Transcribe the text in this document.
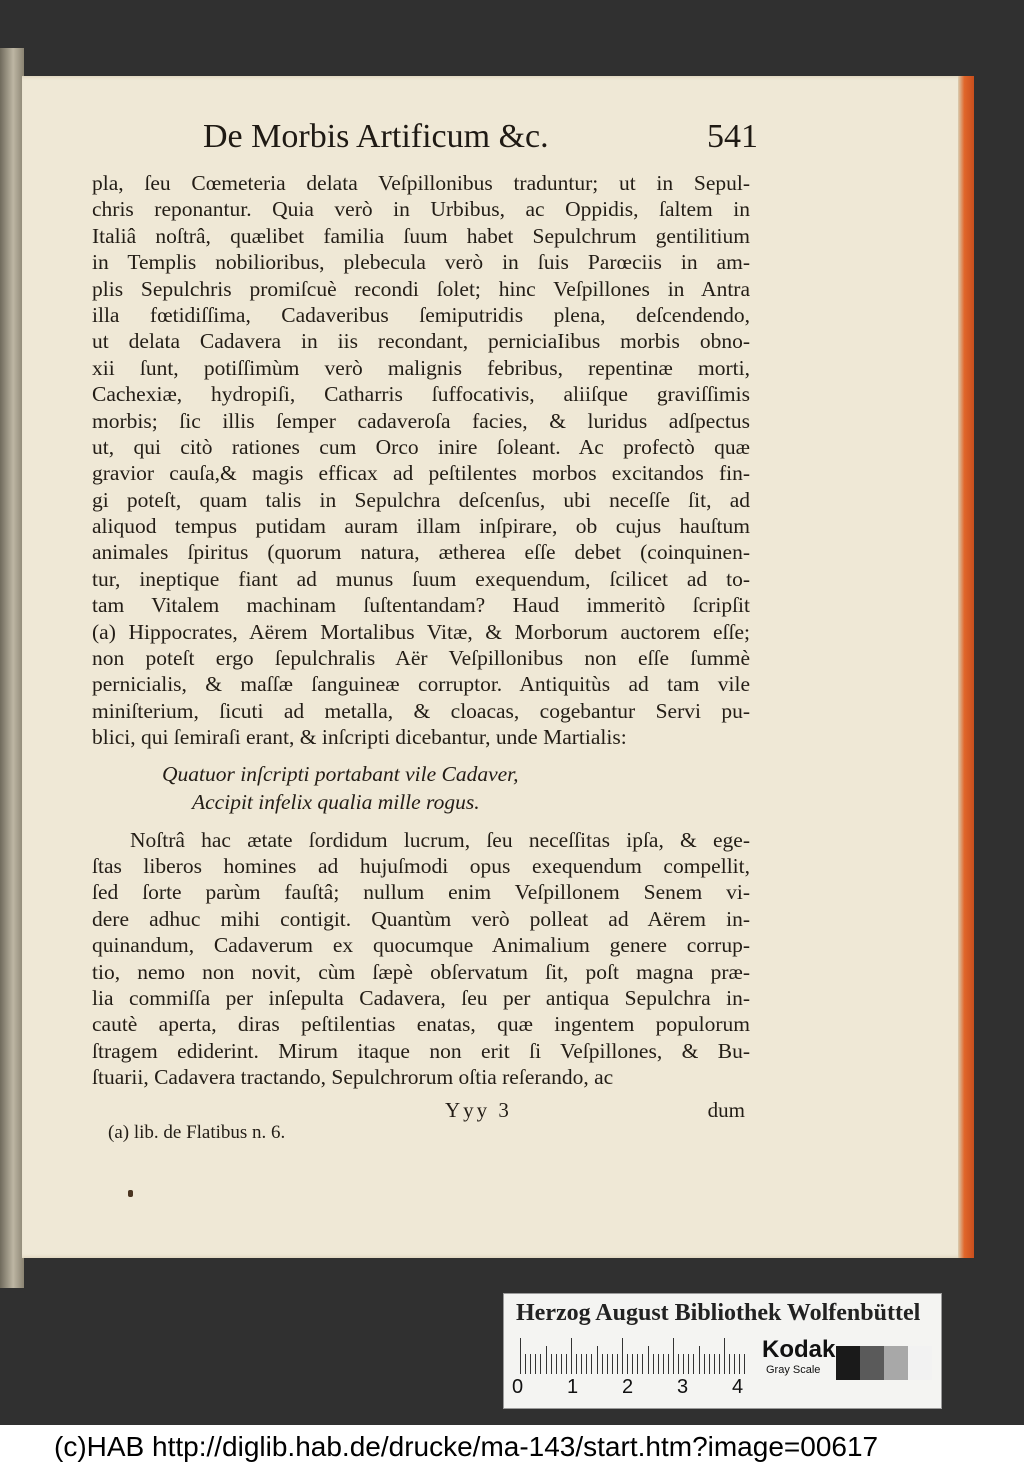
De Morbis Artificum &c.	541
pla, ſeu Cœmeteria delata Veſpillonibus traduntur; ut in Sepul-
chris reponantur. Quia verò in Urbibus, ac Oppidis, ſaltem in
Italiâ noſtrâ, quælibet familia ſuum habet Sepulchrum gentilitium
in Templis nobilioribus, plebecula verò in ſuis Parœciis in am-
plis Sepulchris promiſcuè recondi ſolet; hinc Veſpillones in Antra
illa fœtidiſſima, Cadaveribus ſemiputridis plena, deſcendendo,
ut delata Cadavera in iis recondant, perniciaIibus morbis obno-
xii ſunt, potiſſimùm verò malignis febribus, repentinæ morti,
Cachexiæ, hydropiſi, Catharris ſuffocativis, aliiſque graviſſimis
morbis; ſic illis ſemper cadaveroſa facies, & luridus adſpectus
ut, qui citò rationes cum Orco inire ſoleant. Ac profectò quæ
gravior cauſa,& magis efficax ad peſtilentes morbos excitandos fin-
gi poteſt, quam talis in Sepulchra deſcenſus, ubi neceſſe ſit, ad
aliquod tempus putidam auram illam inſpirare, ob cujus hauſtum
animales ſpiritus (quorum natura, ætherea eſſe debet (coinquinen-
tur, ineptique fiant ad munus ſuum exequendum, ſcilicet ad to-
tam Vitalem machinam ſuſtentandam? Haud immeritò ſcripſit
(a) Hippocrates, Aërem Mortalibus Vitæ, & Morborum auctorem eſſe;
non poteſt ergo ſepulchralis Aër Veſpillonibus non eſſe ſummè
pernicialis, & maſſæ ſanguineæ corruptor. Antiquitùs ad tam vile
miniſterium, ſicuti ad metalla, & cloacas, cogebantur Servi pu-
blici, qui ſemiraſi erant, & inſcripti dicebantur, unde Martialis:
Quatuor inſcripti portabant vile Cadaver,
Accipit infelix qualia mille rogus.
Noſtrâ hac ætate ſordidum lucrum, ſeu neceſſitas ipſa, & ege-
ſtas liberos homines ad hujuſmodi opus exequendum compellit,
ſed ſorte parùm fauſtâ; nullum enim Veſpillonem Senem vi-
dere adhuc mihi contigit. Quantùm verò polleat ad Aërem in-
quinandum, Cadaverum ex quocumque Animalium genere corrup-
tio, nemo non novit, cùm ſæpè obſervatum ſit, poſt magna præ-
lia commiſſa per inſepulta Cadavera, ſeu per antiqua Sepulchra in-
cautè aperta, diras peſtilentias enatas, quæ ingentem populorum
ſtragem ediderint. Mirum itaque non erit ſi Veſpillones, & Bu-
ſtuarii, Cadavera tractando, Sepulchrorum oſtia reſerando, ac
Yyy 3	dum
(a) lib. de Flatibus n. 6.
Herzog August Bibliothek Wolfenbüttel
0 1 2 3 4
Kodak
Gray Scale
(c)HAB http://diglib.hab.de/drucke/ma-143/start.htm?image=00617
